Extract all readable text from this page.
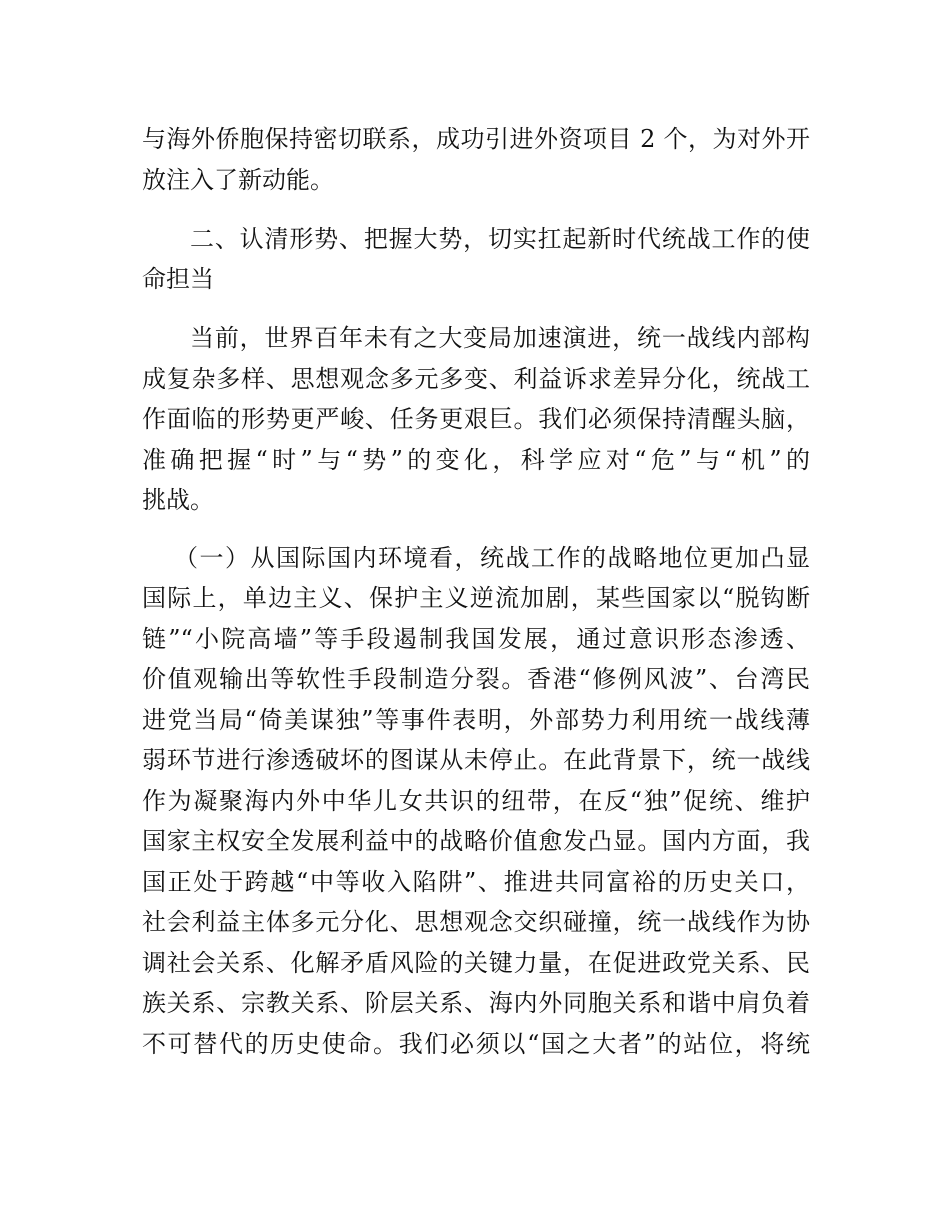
与海外侨胞保持密切联系，成功引进外资项目 2 个，为对外开
放注入了新动能。
二、认清形势、把握大势，切实扛起新时代统战工作的使
命担当
当前，世界百年未有之大变局加速演进，统一战线内部构
成复杂多样、思想观念多元多变、利益诉求差异分化，统战工
作面临的形势更严峻、任务更艰巨。我们必须保持清醒头脑，
准确把握“时”与“势”的变化，科学应对“危”与“机”的
挑战。
（一）从国际国内环境看，统战工作的战略地位更加凸显
国际上，单边主义、保护主义逆流加剧，某些国家以“脱钩断
链”“小院高墙”等手段遏制我国发展，通过意识形态渗透、
价值观输出等软性手段制造分裂。香港“修例风波”、台湾民
进党当局“倚美谋独”等事件表明，外部势力利用统一战线薄
弱环节进行渗透破坏的图谋从未停止。在此背景下，统一战线
作为凝聚海内外中华儿女共识的纽带，在反“独”促统、维护
国家主权安全发展利益中的战略价值愈发凸显。国内方面，我
国正处于跨越“中等收入陷阱”、推进共同富裕的历史关口，
社会利益主体多元分化、思想观念交织碰撞，统一战线作为协
调社会关系、化解矛盾风险的关键力量，在促进政党关系、民
族关系、宗教关系、阶层关系、海内外同胞关系和谐中肩负着
不可替代的历史使命。我们必须以“国之大者”的站位，将统
